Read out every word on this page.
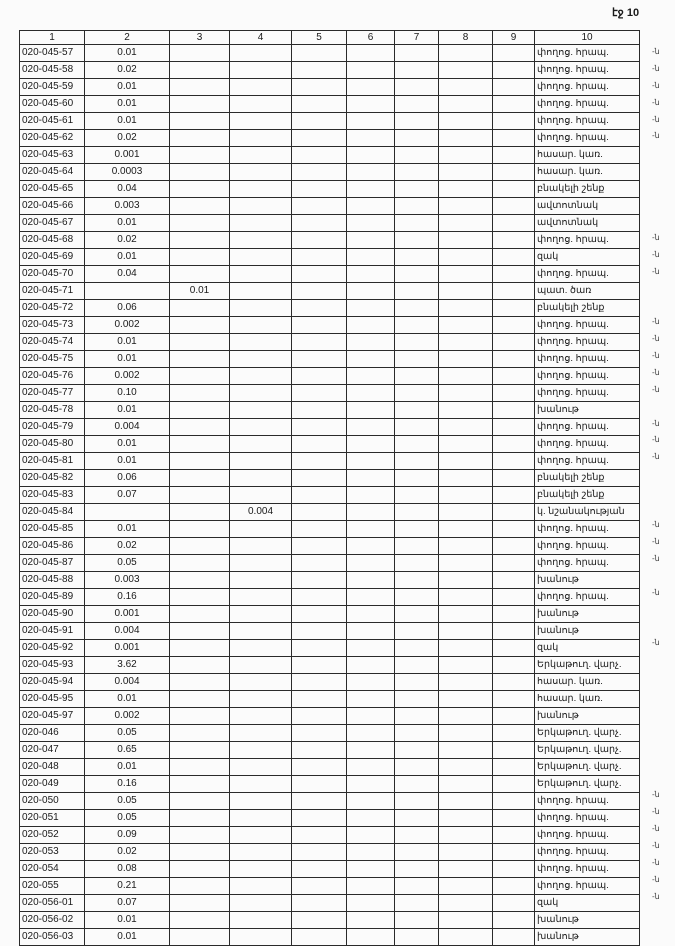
էջ 10
1	2	3	4	5	6	7	8	9	10
020-045-57	0.01								փողոց. հրապ.
020-045-58	0.02								փողոց. հրապ.
020-045-59	0.01								փողոց. հրապ.
020-045-60	0.01								փողոց. հրապ.
020-045-61	0.01								փողոց. հրապ.
020-045-62	0.02								փողոց. հրապ.
020-045-63	0.001								հասար. կառ.
020-045-64	0.0003								հասար. կառ.
020-045-65	0.04								բնակելի շենք
020-045-66	0.003								ավտոտնակ
020-045-67	0.01								ավտոտնակ
020-045-68	0.02								փողոց. հրապ.
020-045-69	0.01								զակ
020-045-70	0.04								փողոց. հրապ.
020-045-71		0.01							պատ. ծառ
020-045-72	0.06								բնակելի շենք
020-045-73	0.002								փողոց. հրապ.
020-045-74	0.01								փողոց. հրապ.
020-045-75	0.01								փողոց. հրապ.
020-045-76	0.002								փողոց. հրապ.
020-045-77	0.10								փողոց. հրապ.
020-045-78	0.01								խանութ
020-045-79	0.004								փողոց. հրապ.
020-045-80	0.01								փողոց. հրապ.
020-045-81	0.01								փողոց. հրապ.
020-045-82	0.06								բնակելի շենք
020-045-83	0.07								բնակելի շենք
020-045-84			0.004						կ. նշանակության
020-045-85	0.01								փողոց. հրապ.
020-045-86	0.02								փողոց. հրապ.
020-045-87	0.05								փողոց. հրապ.
020-045-88	0.003								խանութ
020-045-89	0.16								փողոց. հրապ.
020-045-90	0.001								խանութ
020-045-91	0.004								խանութ
020-045-92	0.001								զակ
020-045-93	3.62								Երկաթուղ. վարչ.
020-045-94	0.004								հասար. կառ.
020-045-95	0.01								հասար. կառ.
020-045-97	0.002								խանութ
020-046	0.05								Երկաթուղ. վարչ.
020-047	0.65								Երկաթուղ. վարչ.
020-048	0.01								Երկաթուղ. վարչ.
020-049	0.16								Երկաթուղ. վարչ.
020-050	0.05								փողոց. հրապ.
020-051	0.05								փողոց. հրապ.
020-052	0.09								փողոց. հրապ.
020-053	0.02								փողոց. հրապ.
020-054	0.08								փողոց. հրապ.
020-055	0.21								փողոց. հրապ.
020-056-01	0.07								զակ
020-056-02	0.01								խանութ
020-056-03	0.01								խանութ
-ն
-ն
-ն
-ն
-ն
-ն
-ն
-ն
-ն
-ն
-ն
-ն
-ն
-ն
-ն
-ն
-ն
-ն
-ն
-ն
-ն
-ն
-ն
-ն
-ն
-ն
-ն
-ն
-ն
